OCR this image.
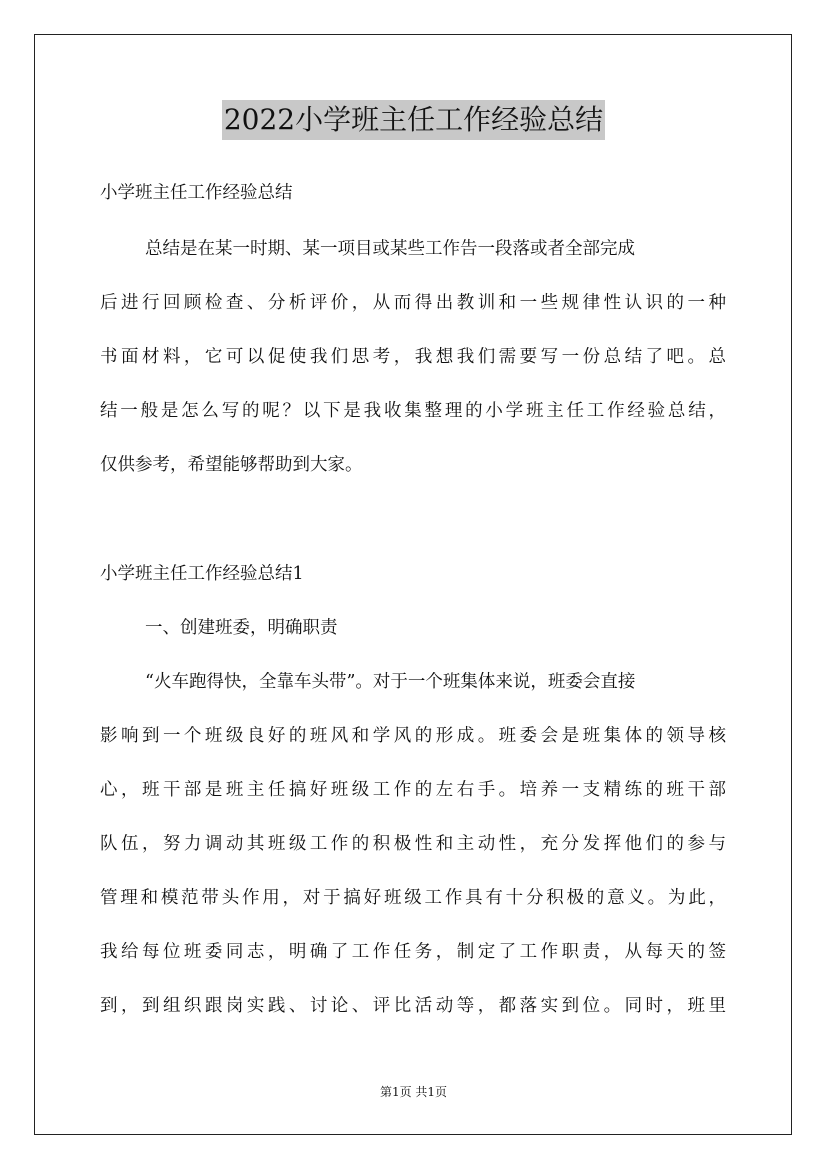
2022小学班主任工作经验总结
小学班主任工作经验总结
总结是在某一时期、某一项目或某些工作告一段落或者全部完成
后进行回顾检查、分析评价，从而得出教训和一些规律性认识的一种
书面材料，它可以促使我们思考，我想我们需要写一份总结了吧。总
结一般是怎么写的呢？以下是我收集整理的小学班主任工作经验总结，
仅供参考，希望能够帮助到大家。
小学班主任工作经验总结1
一、创建班委，明确职责
“火车跑得快，全靠车头带”。对于一个班集体来说，班委会直接
影响到一个班级良好的班风和学风的形成。班委会是班集体的领导核
心，班干部是班主任搞好班级工作的左右手。培养一支精练的班干部
队伍，努力调动其班级工作的积极性和主动性，充分发挥他们的参与
管理和模范带头作用，对于搞好班级工作具有十分积极的意义。为此，
我给每位班委同志，明确了工作任务，制定了工作职责，从每天的签
到，到组织跟岗实践、讨论、评比活动等，都落实到位。同时，班里
第1页 共1页
